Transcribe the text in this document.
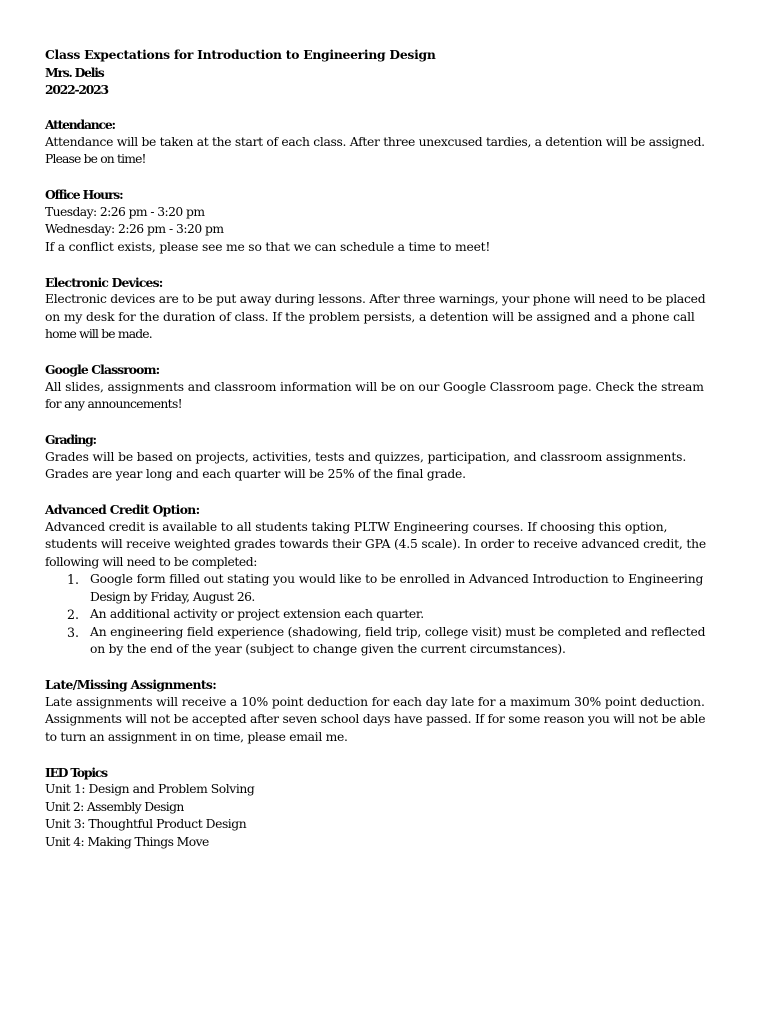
Class Expectations for Introduction to Engineering Design
Mrs. Delis
2022-2023
Attendance:
Attendance will be taken at the start of each class. After three unexcused tardies, a detention will be assigned.
Please be on time!
Office Hours:
Tuesday: 2:26 pm - 3:20 pm
Wednesday: 2:26 pm - 3:20 pm
If a conflict exists, please see me so that we can schedule a time to meet!
Electronic Devices:
Electronic devices are to be put away during lessons. After three warnings, your phone will need to be placed
on my desk for the duration of class. If the problem persists, a detention will be assigned and a phone call
home will be made.
Google Classroom:
All slides, assignments and classroom information will be on our Google Classroom page. Check the stream
for any announcements!
Grading:
Grades will be based on projects, activities, tests and quizzes, participation, and classroom assignments.
Grades are year long and each quarter will be 25% of the final grade.
Advanced Credit Option:
Advanced credit is available to all students taking PLTW Engineering courses. If choosing this option,
students will receive weighted grades towards their GPA (4.5 scale). In order to receive advanced credit, the
following will need to be completed:
1. Google form filled out stating you would like to be enrolled in Advanced Introduction to Engineering
Design by Friday, August 26.
2. An additional activity or project extension each quarter.
3. An engineering field experience (shadowing, field trip, college visit) must be completed and reflected
on by the end of the year (subject to change given the current circumstances).
Late/Missing Assignments:
Late assignments will receive a 10% point deduction for each day late for a maximum 30% point deduction.
Assignments will not be accepted after seven school days have passed. If for some reason you will not be able
to turn an assignment in on time, please email me.
IED Topics
Unit 1: Design and Problem Solving
Unit 2: Assembly Design
Unit 3: Thoughtful Product Design
Unit 4: Making Things Move
